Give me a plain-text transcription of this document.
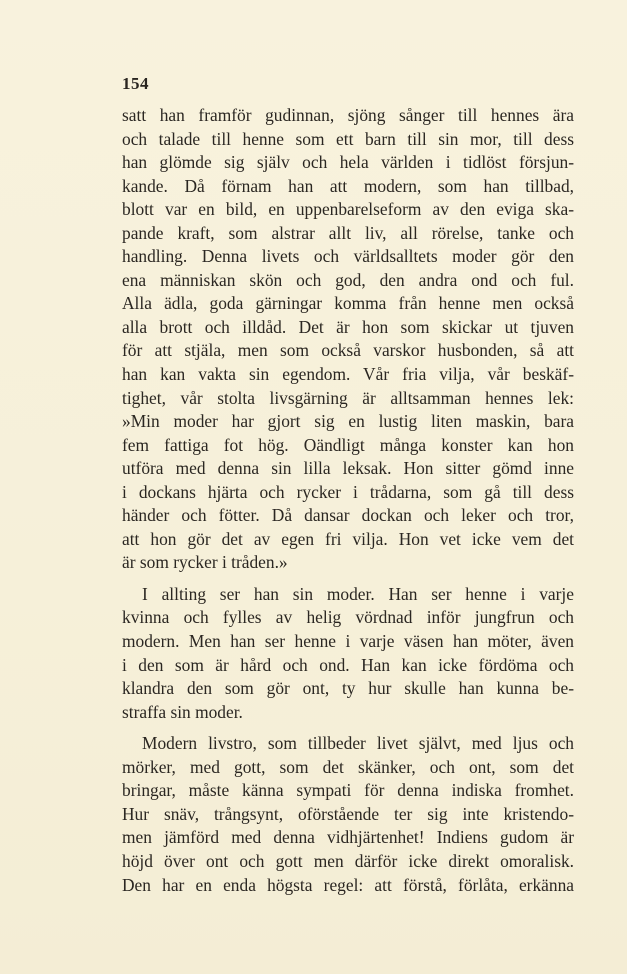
154
satt han framför gudinnan, sjöng sånger till hennes ära
och talade till henne som ett barn till sin mor, till dess
han glömde sig själv och hela världen i tidlöst försjun-
kande. Då förnam han att modern, som han tillbad,
blott var en bild, en uppenbarelseform av den eviga ska-
pande kraft, som alstrar allt liv, all rörelse, tanke och
handling. Denna livets och världsalltets moder gör den
ena människan skön och god, den andra ond och ful.
Alla ädla, goda gärningar komma från henne men också
alla brott och illdåd. Det är hon som skickar ut tjuven
för att stjäla, men som också varskor husbonden, så att
han kan vakta sin egendom. Vår fria vilja, vår beskäf-
tighet, vår stolta livsgärning är alltsamman hennes lek:
»Min moder har gjort sig en lustig liten maskin, bara
fem fattiga fot hög. Oändligt många konster kan hon
utföra med denna sin lilla leksak. Hon sitter gömd inne
i dockans hjärta och rycker i trådarna, som gå till dess
händer och fötter. Då dansar dockan och leker och tror,
att hon gör det av egen fri vilja. Hon vet icke vem det
är som rycker i tråden.»
I allting ser han sin moder. Han ser henne i varje
kvinna och fylles av helig vördnad inför jungfrun och
modern. Men han ser henne i varje väsen han möter, även
i den som är hård och ond. Han kan icke fördöma och
klandra den som gör ont, ty hur skulle han kunna be-
straffa sin moder.
Modern livstro, som tillbeder livet självt, med ljus och
mörker, med gott, som det skänker, och ont, som det
bringar, måste känna sympati för denna indiska fromhet.
Hur snäv, trångsynt, oförstående ter sig inte kristendo-
men jämförd med denna vidhjärtenhet! Indiens gudom är
höjd över ont och gott men därför icke direkt omoralisk.
Den har en enda högsta regel: att förstå, förlåta, erkänna
